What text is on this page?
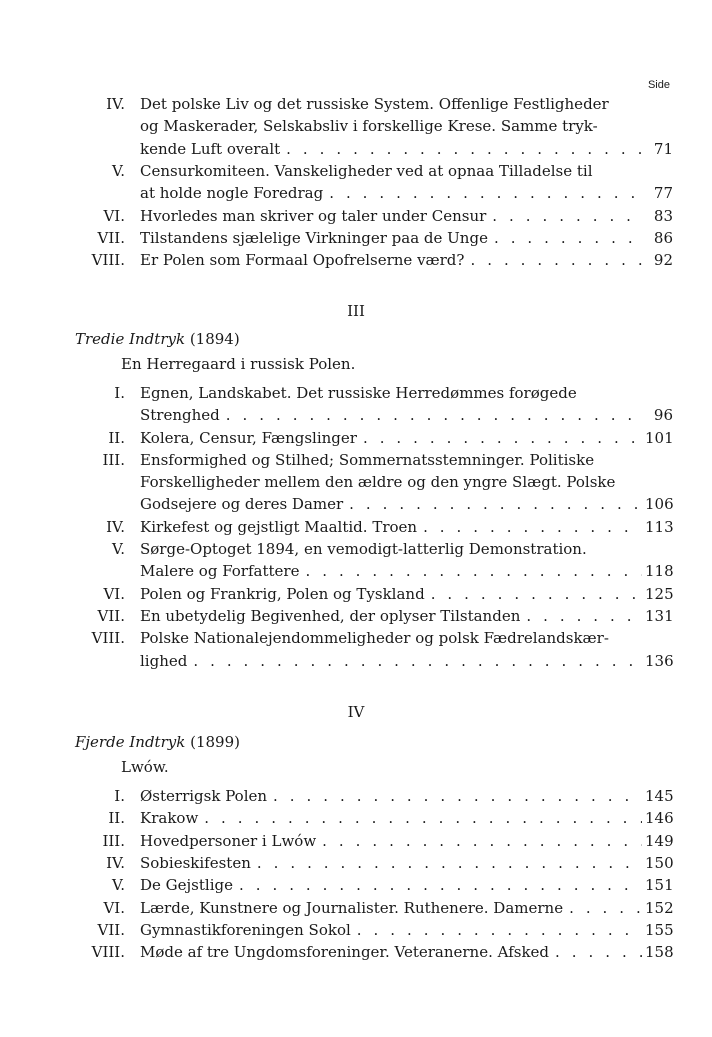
Side
IV. Det polske Liv og det russiske System. Offenlige Festligheder
og Maskerader, Selskabsliv i forskellige Krese. Samme tryk-
kende Luft overalt . . .	71
V. Censurkomiteen. Vanskeligheder ved at opnaa Tilladelse til
at holde nogle Foredrag . . .	77
VI. Hvorledes man skriver og taler under Censur . . .	83
VII. Tilstandens sjælelige Virkninger paa de Unge . . .	86
VIII. Er Polen som Formaal Opofrelserne værd? . . .	92
III
Tredie Indtryk (1894)
En Herregaard i russisk Polen.
I. Egnen, Landskabet. Det russiske Herredømmes forøgede
Strenghed . . .	96
II. Kolera, Censur, Fængslinger . . .	101
III. Ensformighed og Stilhed; Sommernatsstemninger. Politiske
Forskelligheder mellem den ældre og den yngre Slægt. Polske
Godsejere og deres Damer . . .	106
IV. Kirkefest og gejstligt Maaltid. Troen . . .	113
V. Sørge-Optoget 1894, en vemodigt-latterlig Demonstration.
Malere og Forfattere . . .	118
VI. Polen og Frankrig, Polen og Tyskland . . .	125
VII. En ubetydelig Begivenhed, der oplyser Tilstanden . . .	131
VIII. Polske Nationalejendommeligheder og polsk Fædrelandskær-
lighed . . .	136
IV
Fjerde Indtryk (1899)
Lwów.
I. Østerrigsk Polen . . .	145
II. Krakow . . .	146
III. Hovedpersoner i Lwów . . .	149
IV. Sobieskifesten . . .	150
V. De Gejstlige . . .	151
VI. Lærde, Kunstnere og Journalister. Ruthenere. Damerne . . .	152
VII. Gymnastikforeningen Sokol . . .	155
VIII. Møde af tre Ungdomsforeninger. Veteranerne. Afsked . . .	158
